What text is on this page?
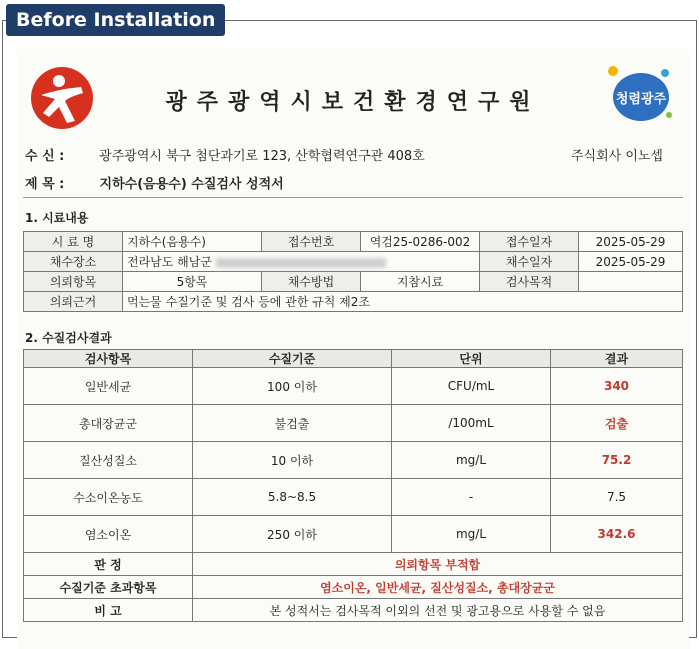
Before Installation
광주광역시보건환경연구원	청렴광주
수 신 :	광주광역시 북구 첨단과기로 123, 산학협력연구관 408호	주식회사 이노셉
제 목 :	지하수(음용수) 수질검사 성적서
1. 시료내용
시 료 명	지하수(음용수)	접수번호	역검25-0286-002	접수일자	2025-05-29
채수장소	전라남도 해남군			채수일자	2025-05-29
의뢰항목	5항목	채수방법	지참시료	검사목적	
의뢰근거	먹는물 수질기준 및 검사 등에 관한 규칙 제2조				
2. 수질검사결과
검사항목	수질기준	단위	결과
일반세균	100 이하	CFU/mL	340
총대장균군	불검출	/100mL	검출
질산성질소	10 이하	mg/L	75.2
수소이온농도	5.8~8.5	-	7.5
염소이온	250 이하	mg/L	342.6
판 정	의뢰항목 부적합		
수질기준 초과항목	염소이온, 일반세균, 질산성질소, 총대장균군		
비 고	본 성적서는 검사목적 이외의 선전 및 광고용으로 사용할 수 없음		
